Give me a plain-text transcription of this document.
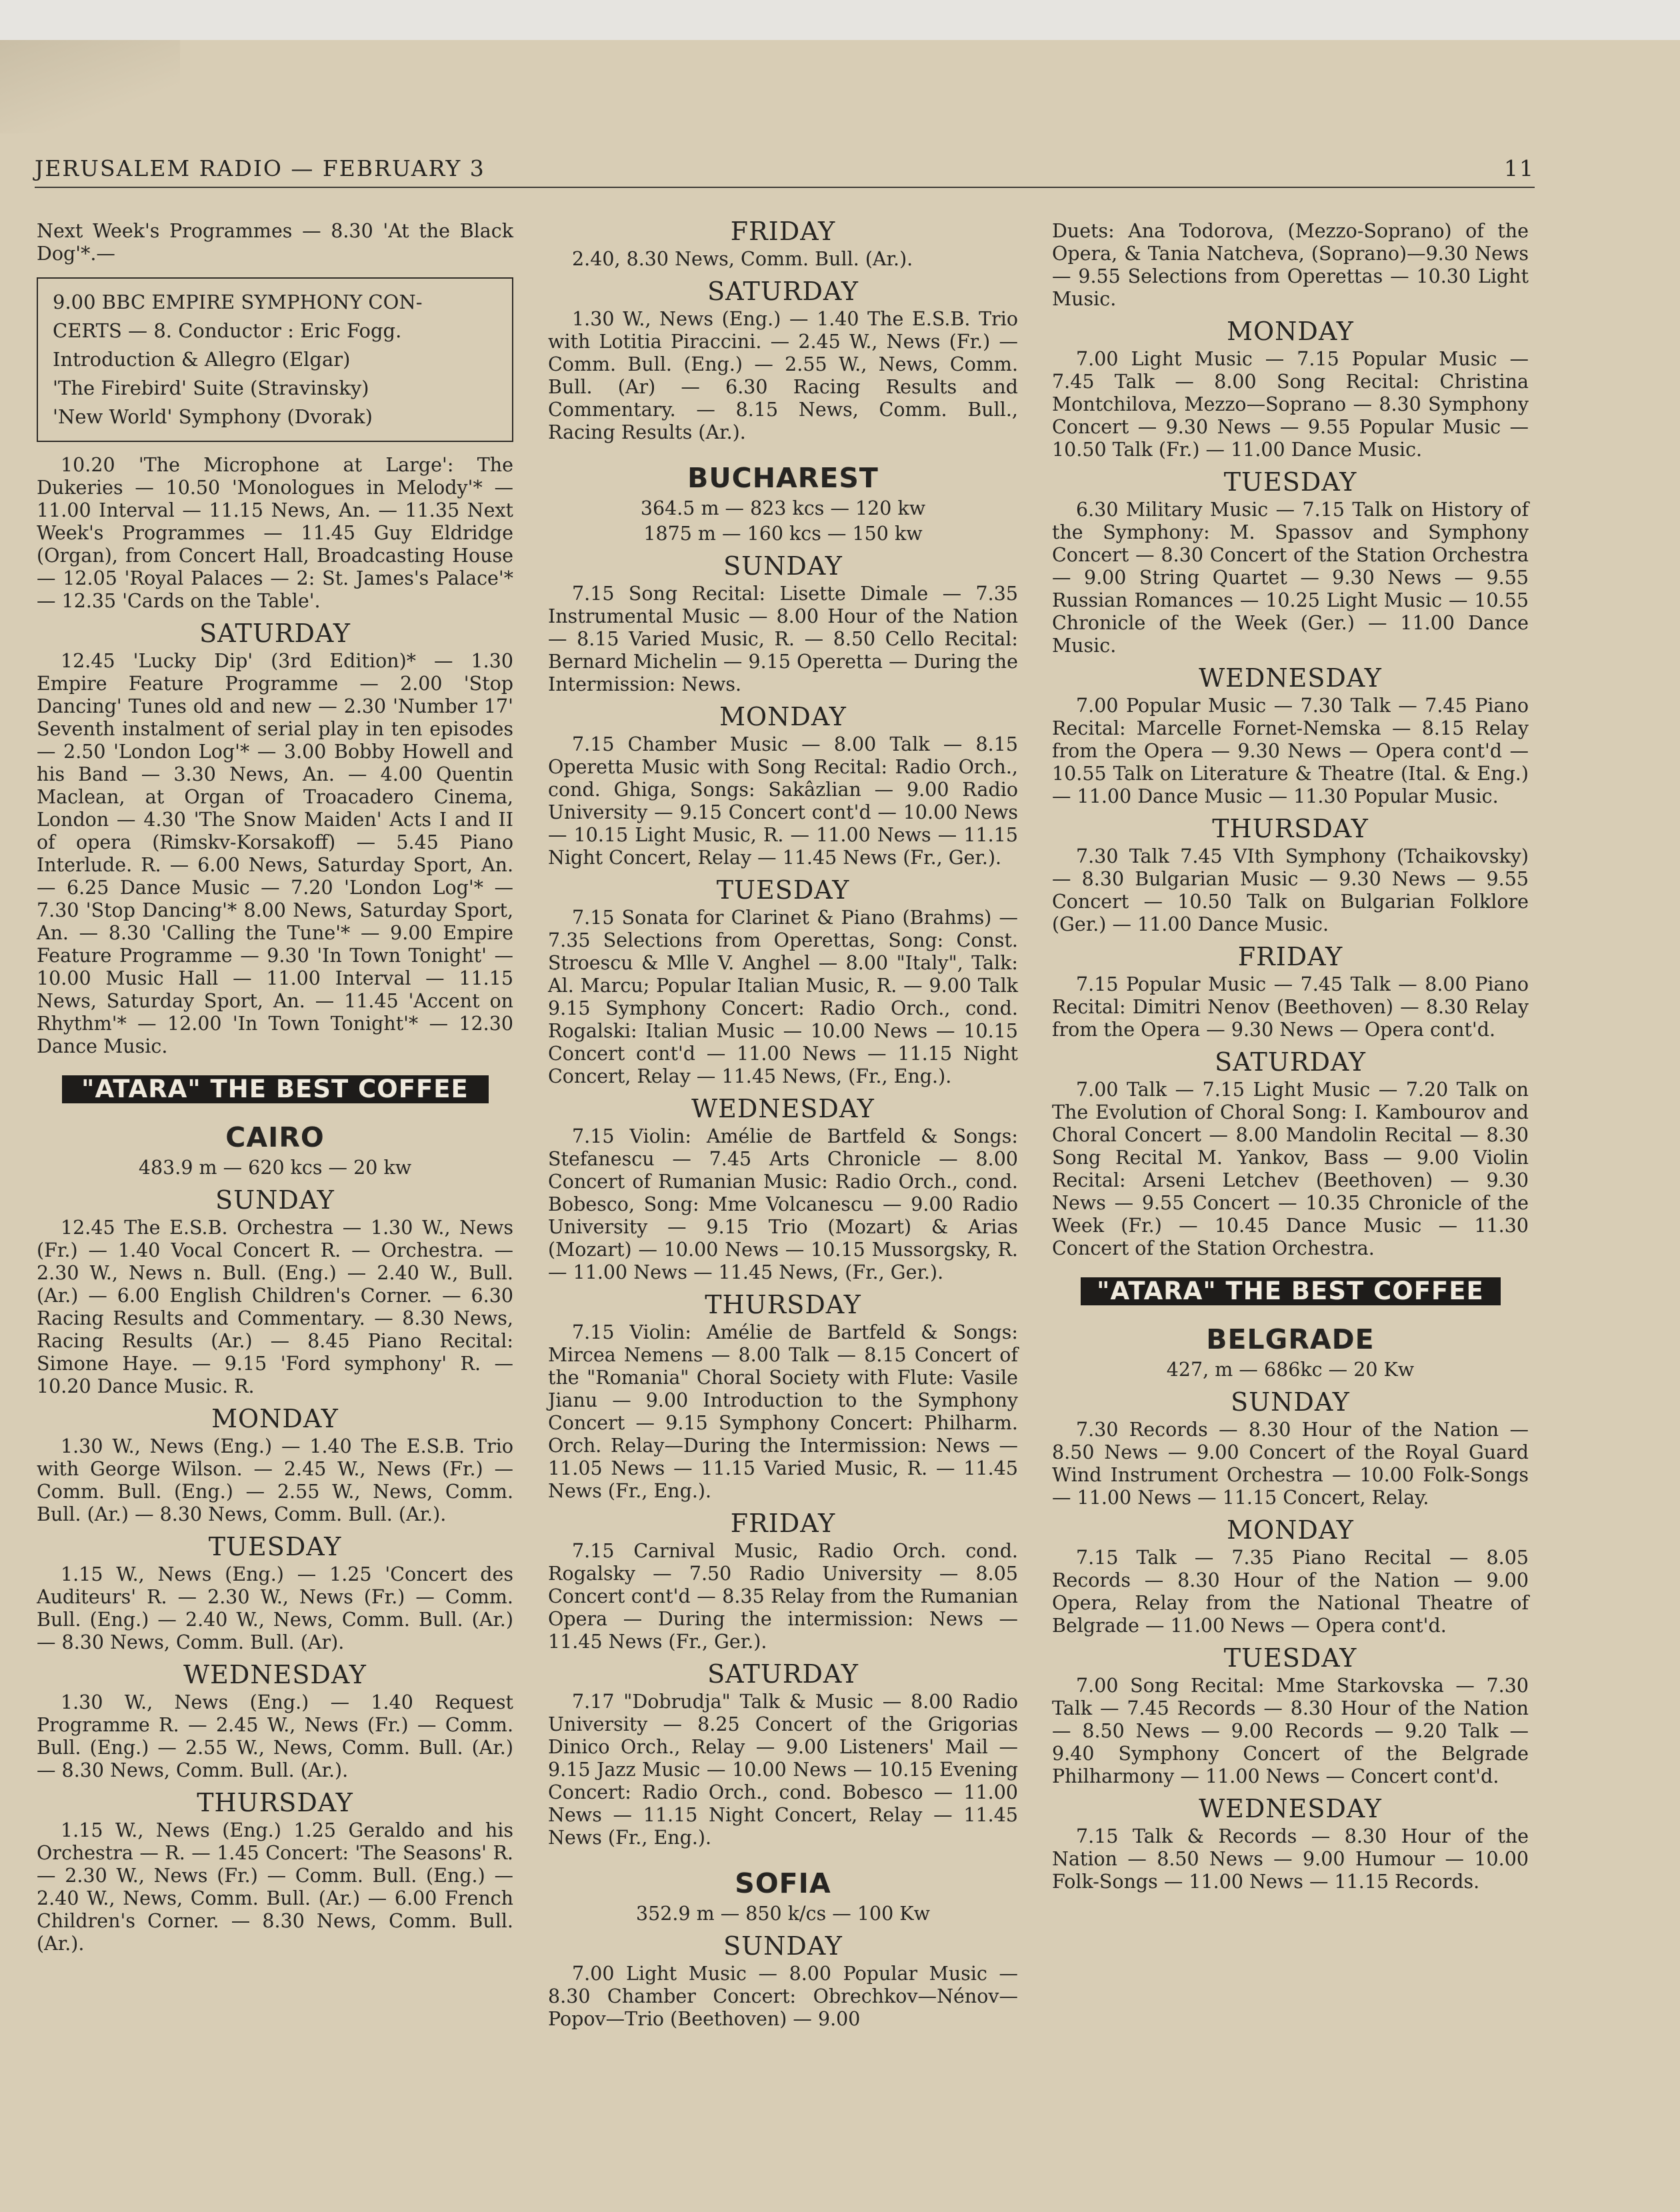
JERUSALEM RADIO — FEBRUARY 3	11

Next Week's Programmes — 8.30 'At the Black Dog'*.—

9.00 BBC EMPIRE SYMPHONY CON-
CERTS — 8. Conductor : Eric Fogg.
Introduction & Allegro (Elgar)
'The Firebird' Suite (Stravinsky)
'New World' Symphony (Dvorak)

10.20 'The Microphone at Large': The Dukeries — 10.50 'Monologues in Melody'* — 11.00 Interval — 11.15 News, An. — 11.35 Next Week's Programmes — 11.45 Guy Eldridge (Organ), from Concert Hall, Broadcasting House — 12.05 'Royal Palaces — 2: St. James's Palace'* — 12.35 'Cards on the Table'.

SATURDAY

12.45 'Lucky Dip' (3rd Edition)* — 1.30 Empire Feature Programme — 2.00 'Stop Dancing' Tunes old and new — 2.30 'Number 17' Seventh instalment of serial play in ten episodes — 2.50 'London Log'* — 3.00 Bobby Howell and his Band — 3.30 News, An. — 4.00 Quentin Maclean, at Organ of Troacadero Cinema, London — 4.30 'The Snow Maiden' Acts I and II of opera (Rimskv-Korsakoff) — 5.45 Piano Interlude. R. — 6.00 News, Saturday Sport, An. — 6.25 Dance Music — 7.20 'London Log'* — 7.30 'Stop Dancing'* 8.00 News, Saturday Sport, An. — 8.30 'Calling the Tune'* — 9.00 Empire Feature Programme — 9.30 'In Town Tonight' — 10.00 Music Hall — 11.00 Interval — 11.15 News, Saturday Sport, An. — 11.45 'Accent on Rhythm'* — 12.00 'In Town Tonight'* — 12.30 Dance Music.

"ATARA" THE BEST COFFEE
CAIRO
483.9 m — 620 kcs — 20 kw
SUNDAY

12.45 The E.S.B. Orchestra — 1.30 W., News (Fr.) — 1.40 Vocal Concert R. — Orchestra. — 2.30 W., News n. Bull. (Eng.) — 2.40 W., Bull. (Ar.) — 6.00 English Children's Corner. — 6.30 Racing Results and Commentary. — 8.30 News, Racing Results (Ar.) — 8.45 Piano Recital: Simone Haye. — 9.15 'Ford symphony' R. — 10.20 Dance Music. R.

MONDAY

1.30 W., News (Eng.) — 1.40 The E.S.B. Trio with George Wilson. — 2.45 W., News (Fr.) — Comm. Bull. (Eng.) — 2.55 W., News, Comm. Bull. (Ar.) — 8.30 News, Comm. Bull. (Ar.).

TUESDAY

1.15 W., News (Eng.) — 1.25 'Concert des Auditeurs' R. — 2.30 W., News (Fr.) — Comm. Bull. (Eng.) — 2.40 W., News, Comm. Bull. (Ar.) — 8.30 News, Comm. Bull. (Ar).

WEDNESDAY

1.30 W., News (Eng.) — 1.40 Request Programme R. — 2.45 W., News (Fr.) — Comm. Bull. (Eng.) — 2.55 W., News, Comm. Bull. (Ar.) — 8.30 News, Comm. Bull. (Ar.).

THURSDAY

1.15 W., News (Eng.) 1.25 Geraldo and his Orchestra — R. — 1.45 Concert: 'The Seasons' R. — 2.30 W., News (Fr.) — Comm. Bull. (Eng.) — 2.40 W., News, Comm. Bull. (Ar.) — 6.00 French Children's Corner. — 8.30 News, Comm. Bull. (Ar.).

FRIDAY

2.40, 8.30 News, Comm. Bull. (Ar.).

SATURDAY

1.30 W., News (Eng.) — 1.40 The E.S.B. Trio with Lotitia Piraccini. — 2.45 W., News (Fr.) — Comm. Bull. (Eng.) — 2.55 W., News, Comm. Bull. (Ar) — 6.30 Racing Results and Commentary. — 8.15 News, Comm. Bull., Racing Results (Ar.).

BUCHAREST
364.5 m — 823 kcs — 120 kw
1875 m — 160 kcs — 150 kw
SUNDAY

7.15 Song Recital: Lisette Dimale — 7.35 Instrumental Music — 8.00 Hour of the Nation — 8.15 Varied Music, R. — 8.50 Cello Recital: Bernard Michelin — 9.15 Operetta — During the Intermission: News.

MONDAY

7.15 Chamber Music — 8.00 Talk — 8.15 Operetta Music with Song Recital: Radio Orch., cond. Ghiga, Songs: Sakâzlian — 9.00 Radio University — 9.15 Concert cont'd — 10.00 News — 10.15 Light Music, R. — 11.00 News — 11.15 Night Concert, Relay — 11.45 News (Fr., Ger.).

TUESDAY

7.15 Sonata for Clarinet & Piano (Brahms) — 7.35 Selections from Operettas, Song: Const. Stroescu & Mlle V. Anghel — 8.00 "Italy", Talk: Al. Marcu; Popular Italian Music, R. — 9.00 Talk 9.15 Symphony Concert: Radio Orch., cond. Rogalski: Italian Music — 10.00 News — 10.15 Concert cont'd — 11.00 News — 11.15 Night Concert, Relay — 11.45 News, (Fr., Eng.).

WEDNESDAY

7.15 Violin: Amélie de Bartfeld & Songs: Stefanescu — 7.45 Arts Chronicle — 8.00 Concert of Rumanian Music: Radio Orch., cond. Bobesco, Song: Mme Volcanescu — 9.00 Radio University — 9.15 Trio (Mozart) & Arias (Mozart) — 10.00 News — 10.15 Mussorgsky, R. — 11.00 News — 11.45 News, (Fr., Ger.).

THURSDAY

7.15 Violin: Amélie de Bartfeld & Songs: Mircea Nemens — 8.00 Talk — 8.15 Concert of the "Romania" Choral Society with Flute: Vasile Jianu — 9.00 Introduction to the Symphony Concert — 9.15 Symphony Concert: Philharm. Orch. Relay—During the Intermission: News — 11.05 News — 11.15 Varied Music, R. — 11.45 News (Fr., Eng.).

FRIDAY

7.15 Carnival Music, Radio Orch. cond. Rogalsky — 7.50 Radio University — 8.05 Concert cont'd — 8.35 Relay from the Rumanian Opera — During the intermission: News — 11.45 News (Fr., Ger.).

SATURDAY

7.17 "Dobrudja" Talk & Music — 8.00 Radio University — 8.25 Concert of the Grigorias Dinico Orch., Relay — 9.00 Listeners' Mail — 9.15 Jazz Music — 10.00 News — 10.15 Evening Concert: Radio Orch., cond. Bobesco — 11.00 News — 11.15 Night Concert, Relay — 11.45 News (Fr., Eng.).

SOFIA
352.9 m — 850 k/cs — 100 Kw
SUNDAY

7.00 Light Music — 8.00 Popular Music — 8.30 Chamber Concert: Obrechkov—Nénov—Popov—Trio (Beethoven) — 9.00

Duets: Ana Todorova, (Mezzo-Soprano) of the Opera, & Tania Natcheva, (Soprano)—9.30 News — 9.55 Selections from Operettas — 10.30 Light Music.

MONDAY

7.00 Light Music — 7.15 Popular Music — 7.45 Talk — 8.00 Song Recital: Christina Montchilova, Mezzo—Soprano — 8.30 Symphony Concert — 9.30 News — 9.55 Popular Music — 10.50 Talk (Fr.) — 11.00 Dance Music.

TUESDAY

6.30 Military Music — 7.15 Talk on History of the Symphony: M. Spassov and Symphony Concert — 8.30 Concert of the Station Orchestra — 9.00 String Quartet — 9.30 News — 9.55 Russian Romances — 10.25 Light Music — 10.55 Chronicle of the Week (Ger.) — 11.00 Dance Music.

WEDNESDAY

7.00 Popular Music — 7.30 Talk — 7.45 Piano Recital: Marcelle Fornet-Nemska — 8.15 Relay from the Opera — 9.30 News — Opera cont'd — 10.55 Talk on Literature & Theatre (Ital. & Eng.) — 11.00 Dance Music — 11.30 Popular Music.

THURSDAY

7.30 Talk 7.45 VIth Symphony (Tchaikovsky) — 8.30 Bulgarian Music — 9.30 News — 9.55 Concert — 10.50 Talk on Bulgarian Folklore (Ger.) — 11.00 Dance Music.

FRIDAY

7.15 Popular Music — 7.45 Talk — 8.00 Piano Recital: Dimitri Nenov (Beethoven) — 8.30 Relay from the Opera — 9.30 News — Opera cont'd.

SATURDAY

7.00 Talk — 7.15 Light Music — 7.20 Talk on The Evolution of Choral Song: I. Kambourov and Choral Concert — 8.00 Mandolin Recital — 8.30 Song Recital M. Yankov, Bass — 9.00 Violin Recital: Arseni Letchev (Beethoven) — 9.30 News — 9.55 Concert — 10.35 Chronicle of the Week (Fr.) — 10.45 Dance Music — 11.30 Concert of the Station Orchestra.

"ATARA" THE BEST COFFEE
BELGRADE
427, m — 686kc — 20 Kw
SUNDAY

7.30 Records — 8.30 Hour of the Nation — 8.50 News — 9.00 Concert of the Royal Guard Wind Instrument Orchestra — 10.00 Folk-Songs — 11.00 News — 11.15 Concert, Relay.

MONDAY

7.15 Talk — 7.35 Piano Recital — 8.05 Records — 8.30 Hour of the Nation — 9.00 Opera, Relay from the National Theatre of Belgrade — 11.00 News — Opera cont'd.

TUESDAY

7.00 Song Recital: Mme Starkovska — 7.30 Talk — 7.45 Records — 8.30 Hour of the Nation — 8.50 News — 9.00 Records — 9.20 Talk — 9.40 Symphony Concert of the Belgrade Philharmony — 11.00 News — Concert cont'd.

WEDNESDAY

7.15 Talk & Records — 8.30 Hour of the Nation — 8.50 News — 9.00 Humour — 10.00 Folk-Songs — 11.00 News — 11.15 Records.
